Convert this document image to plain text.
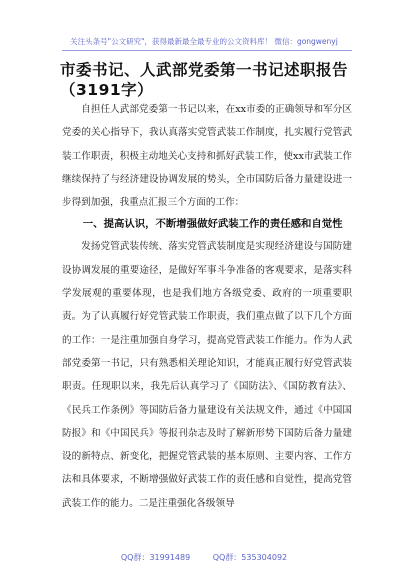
关注头条号"公文研究"，获得最新最全最专业的公文资料库！ 微信：gongwenyj
市委书记、人武部党委第一书记述职报告（3191字）

自担任人武部党委第一书记以来，在xx市委的正确领导和军分区党委的关心指导下，我认真落实党管武装工作制度，扎实履行党管武装工作职责，积极主动地关心支持和抓好武装工作，使xx市武装工作继续保持了与经济建设协调发展的势头，全市国防后备力量建设进一步得到加强，我重点汇报三个方面的工作：

一、提高认识，不断增强做好武装工作的责任感和自觉性

发扬党管武装传统、落实党管武装制度是实现经济建设与国防建设协调发展的重要途径，是做好军事斗争准备的客观要求，是落实科学发展观的重要体现，也是我们地方各级党委、政府的一项重要职责。为了认真履行好党管武装工作职责，我们重点做了以下几个方面的工作：一是注重加强自身学习，提高党管武装工作能力。作为人武部党委第一书记，只有熟悉相关理论知识，才能真正履行好党管武装职责。任现职以来，我先后认真学习了《国防法》、《国防教育法》、《民兵工作条例》等国防后备力量建设有关法规文件，通过《中国国防报》和《中国民兵》等报刊杂志及时了解新形势下国防后备力量建设的新特点、新变化，把握党管武装的基本原则、主要内容、工作方法和具体要求，不断增强做好武装工作的责任感和自觉性，提高党管武装工作的能力。二是注重强化各级领导

QQ群：31991489	QQ群：535304092
